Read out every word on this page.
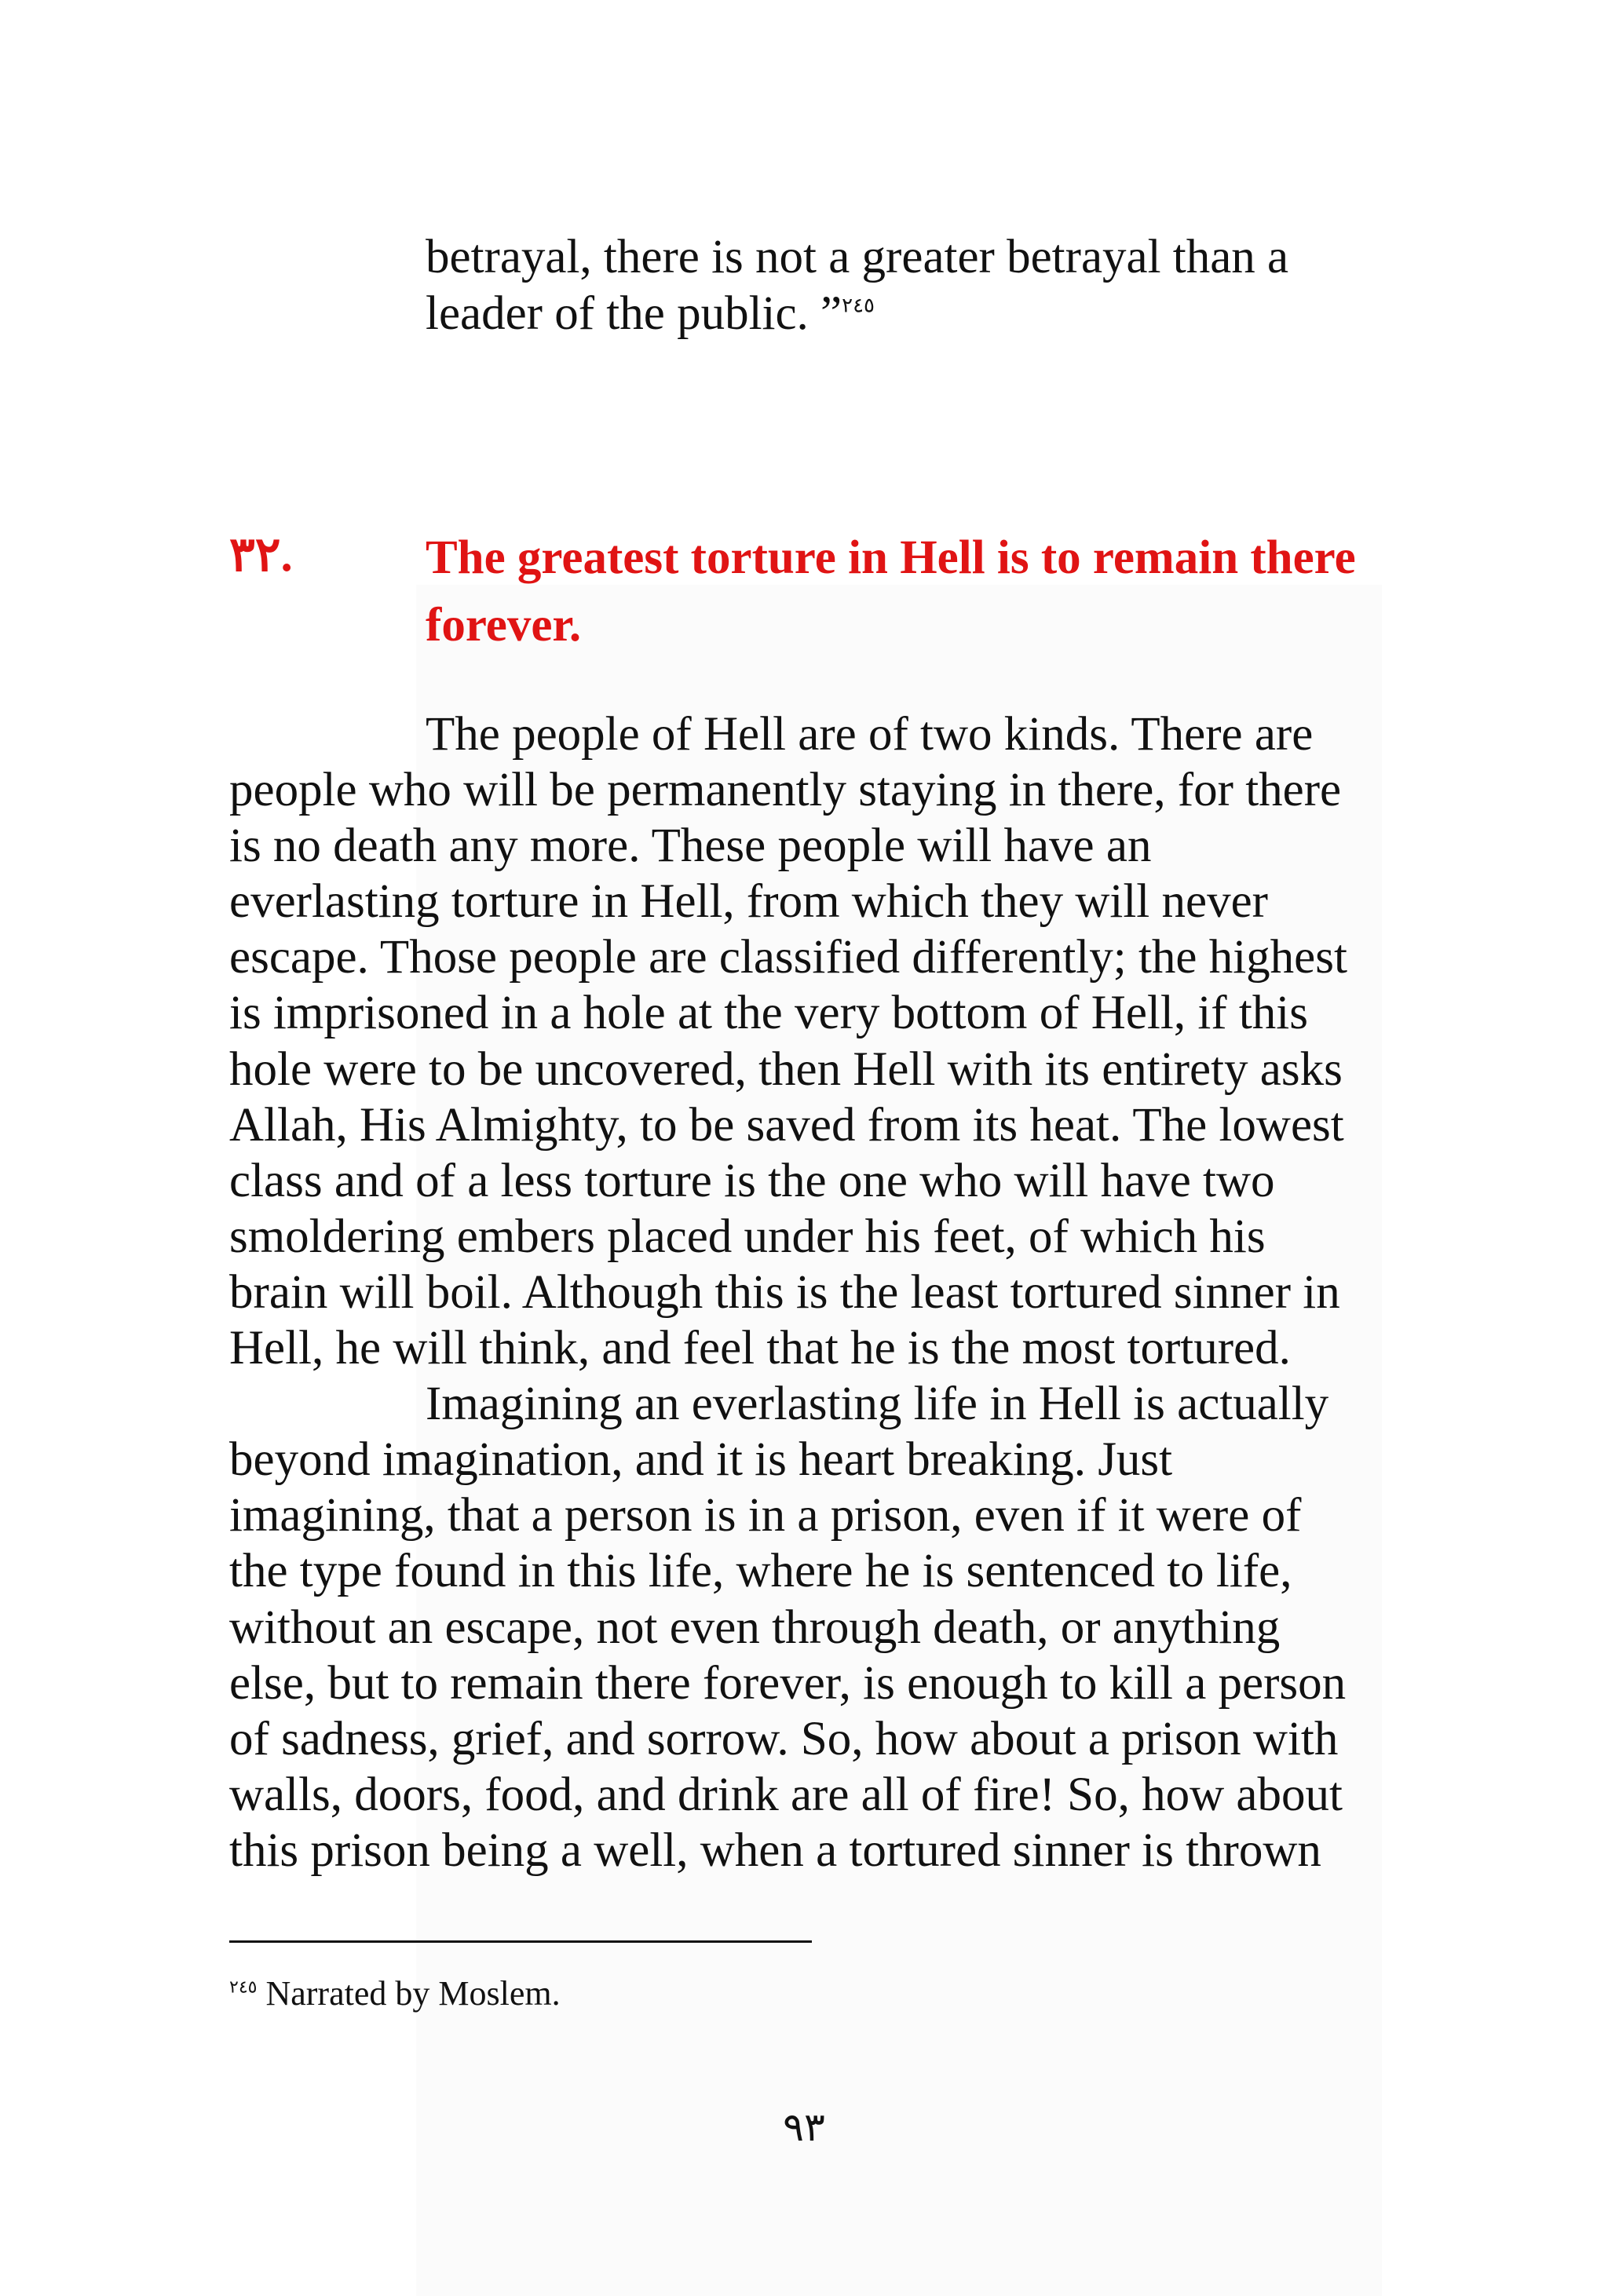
betrayal, there is not a greater betrayal than a
leader of the public. ”$^{٢٤٥}$

٣٢.	The greatest torture in Hell is to remain there
forever.
The people of Hell are of two kinds. There are
people who will be permanently staying in there, for there
is no death any more. These people will have an
everlasting torture in Hell, from which they will never
escape. Those people are classified differently; the highest
is imprisoned in a hole at the very bottom of Hell, if this
hole were to be uncovered, then Hell with its entirety asks
Allah, His Almighty, to be saved from its heat. The lowest
class and of a less torture is the one who will have two
smoldering embers placed under his feet, of which his
brain will boil. Although this is the least tortured sinner in
Hell, he will think, and feel that he is the most tortured.
Imagining an everlasting life in Hell is actually
beyond imagination, and it is heart breaking. Just
imagining, that a person is in a prison, even if it were of
the type found in this life, where he is sentenced to life,
without an escape, not even through death, or anything
else, but to remain there forever, is enough to kill a person
of sadness, grief, and sorrow. So, how about a prison with
walls, doors, food, and drink are all of fire! So, how about
this prison being a well, when a tortured sinner is thrown
$^{٢٤٥}$ Narrated by Moslem.
٩٣
